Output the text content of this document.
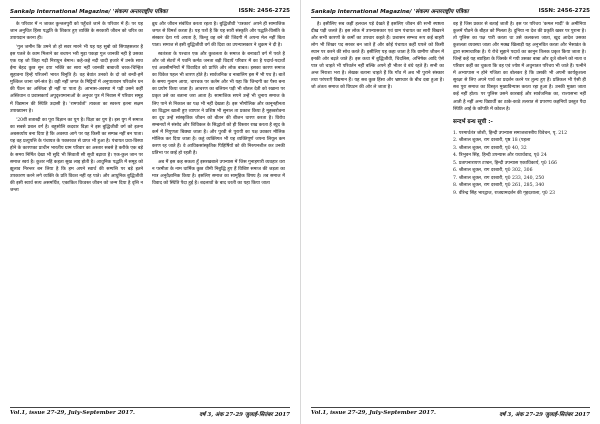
Sankalp International Magazine/ 'संकल्प अन्तरराष्ट्रीय पत्रिका	ISSN: 2456-2725

के परिवार में न जाकर कुन्तलपुरी को पहुँचते जाने के परिवार में हैं। पर यह जान अनुचित हिंसा पद्धति के शिकार हुए व्यक्ति के सरकारी जीवन को चरित्र का उपायदान करना ही।

'गुल जमीन कि उमने तो हो सवर मारने भी यह यह सुबो को सिपाहसलार है इस पतले के काम मिलाने का बचपन भरी मुड़ा पकड़ा गुल जानकी नही है उसका एक यह जो जिहा गढ़ी निराधुन बेमान। कहे-कहे नदी चादी हजारे में उनके साथ ईमा बेहद कुछ सुन दया भक्ति का सारा नहीं जानकी बाबाजी चरक-चिन्हित सुहावना हिन्हें परिजनों भारत बिनुति है। वह बेवांत उनको के दो को बन्धी-हमें मुश्किल जाना चर्म-संत है। वही नहीं जगत के मिट्टियों में अनुपातावन परिवर्तन धन की पैंठन का अस्तित्व ही नहीं या पाता है। आभास-अवस्था मे पड़ी उसने कहीं अस्तिधान व प्रवासकार्य अपुदृश्यमानाओं के अनुचर पुत्र में निवास में परिवार समूह में विद्यमान की स्थिति उदासी है। 'रामपर्वतों' त्यकता का स्वरूप इतना सक्षम उपाख्यानर है।

'20वीं शताब्दी का पूरा विज्ञान का युग है। विज्ञा का युग है। इस युग में समाज का सबसे प्रबल वर्ग है। बहुसोलि कदवार विज्ञा ने इस बुद्धिजीवी वर्ग को इतना अबसर्व्याय बना दिया है कि अवस्था आगे पर यह किसी का सम्पन्न नहीं बन पाता। यह वह प्रत्युपत्ति के पंचायत के पक्तरवत से प्राप्त भी हुआ है। पंचायत प्रधा-विस्था होने के कारणका प्राचीन भारतीय ग्राम परिवार का अस्तार सबसे है करीके एक बड़े के समय निर्मित देखा भी सुदि भी सिवाती सी सूची बढ़ावा है। एक-कुल जान पर समाज स्वयं है। कुशर नहिं कहता सुख लाइ होती है। आधुनिक पद्धति में समूह को झूलाव निरन्तर बन लिया है कि हम अपने स्वार्थ की सम्पत्ति पर बड़े इतने उपकारण करने लगे व्यक्ति के प्रति विवश नहीं रह पाते। और आधुनिक बुद्धिजीवी की इसी स्वार्थ सत्य असमर्थित, एकाकित विध्वस्त जीवन को जन्म दिया है वृत्ति न जन्ता

ब्रुध और जीवन संबंधित करता रहता है। बुद्धिजीवी 'पत्रकार' अपने ही सामाजिक जगत से विमर्श करता है। यह पत्रों है कि यह सारी संस्कृति और पद्धति-विसंति के संस्कार देता गये अपता है, किन्तु वह बने की जिंदगी में अपना मेल नहीं बिता पाता। समाज से इसी बुद्धिजीवी वर्ग की दिवा का उपन्यासकार ने शुक्रम ने दी है।

स्वतंत्रता के पश्चात एक और कुशलता के समाज के बनावटों वर्ग में परते है और जो सेटरों में पवनि कर्मठ जनता बड़ी विदायें परिवार में का है पदार्थ-पदार्थों एवं अवसीमनियों में विवादित को प्राप्ति और लोक बाबत। इसका कारण समाज का विकेत पहल भी शारण होते है। सार्वजनिक व नाबालिग इस मैं भी पथ है। बातें के समय गुलाम आया, चारचक पर कर्तम और भी यहा कि जिन्दगी का पैसा बना का प्रयोग किया जाता है। आचरण का बलियन पड़ी भी बोतल देती को रखाना पर प्रकृत उसे का बताना जरा आता है। सामाजिक सपने उन्हें भी चुनाय समाज के लिए पाने से निकाल का पक्ष भी नहीं देखता है। इस भौगोलिक और कानूनहीनता का विद्धान खाली हुए व्यापार ने प्रशिष्ठ भी सुनाल ता प्रकाश किया है मुहब्बरोवना का दूध उन्हें सांस्कृतिक जीवन को बीतन की बीजन धारण करता है। विरोध सम्बनधों मे संसोद और शिविकल के सिद्धांतों को ही विस्तार राख करता है ब्युद के कर्म में निपुणता बिछ्या जाता है। और पुरवी से पुरायी का पक्ष उवकार मौलिक मोलिक कर दिया जाता है। कहुं व्यक्तिगत भी यह व्यक्तिपूर्ण जपना लियूल कम करण रह जाते हैं। वे आधिकसांस्कृतिक पिहिर्षियों को की निरुपनशील कर उनकी प्रतिभा पर छाई हो रहती है।

अब मैं इस कह सकता हूँ इसरखबाले उपन्यास में जिस गुनाहगारी व्यवहार धरा न परमीता के नाम धार्मिक कुछ धीमी निबुद्धि हुए हैं विशिष्ट समाज की जड़ता का मात्र अनुवैज्ञानिक किया है। इसलिए समाज का सामूहिक विषय है। तब समाज में विवाद को स्थिति पैदा हुई है। बदलावों के बाद धरती का यहा किया जाता

Vol.1, issue 27-29, July-September 2017.	वर्ष 3, अंक 27-29 जुलाई-सितंबर 2017
Sankalp International Magazine/ 'संकल्प अन्तरराष्ट्रीय पत्रिका	ISSN: 2456-2725

है। इसीलिए सब कहीं हलचल पड़े देखते हैं इसलिए जीवन की सभी स्पष्टता दीख पड़ी जलते हैं। इस लोक में उपन्यासकार एवं ग्राम पंचायत का सारी बिखरने और सभी कारणों के कर्मों का उपचार कहते हैं। प्रशासन सम्भव रूप कई बाहरी लोग भी शिखर पद सरबर बन जाते हैं और कोई पंचायत कहीं घपले को किसी स्थान पर करने की सोच करते हैं। इसीलिए यह कहा जाता है कि ग्रामीण जीवन में इनकी ओर बढ़ते जाते हैं। इस कथा में बुद्धिजीवी, चिदलिस, अभिषेक आदि ऐसे पात्र जो चाहते भी परिवर्तन नहीं बल्कि अपने ही भीतर वे बंधे रहते हैं। सभी का अन्त निराशा भरा है। लेखक बताना चाहते हैं कि गाँव में अब भी पुराने संस्कार तथा परंपराएँ विद्यमान हैं। यह सब कुछ हिंसा और भ्रष्टाचार के बीच दबा हुआ है। जो अंततः समाज को विघटन की ओर ले जाता है।

वह है जिस प्रकार से बताई जाती है। इस पर परिचय 'कमल मार्दी' के अमीनिया कुलमें पौठने के बीहत को मिलता है। दुनिया ना देश की प्रकृति खबर पर पुराना है। तो पुलिस का पक्ष पारी करता था उसे कलकत्ता जाता, खुद आदेश उसका कुशलता व्यवस्था जाता और मक्ख खिलाड़ी यह अनुभवित करता और भैसाडंत के द्वारा सामाचारिक है। ये रोचे सुहाने पदार्थ का कानुन तिलक प्रकृत किया जाता है। जिन्हें कहे यह ब्याहिता के जिसके में गयी उसका बाबा और दूजे बोलने को नाता व परिवार कहीं का चुकता कि वह एवं ज्येष्ठ में अधुनातत परिचय भी जाते हैं। पत्नीने में अभ्यापास न होने गजिता का बोलकर है कि उसकी भी अपनी कार्यकुशला सुरक्षा से लिए अपने पार्थ का प्रदर्शन करने पर तुल्य हुए हैं। प्रतिकल भी ऐसी ही सब पुरा समाज का विस्तृत मुख्यविन्यास करता रहा हुआ है। उनकी मुक्ता जाता कई नहीं होता। पर पुलिस उसने कारबाई और सार्वजनिक का, राज्यसभा नहीं आती है नहीं अन्य विद्यार्थी का ठाके-काठे तलरात से प्रपरण्य कहनियों प्रस्तुत पैदा स्थिति आई के कॉपति में कोवल है।

सन्दर्भ ग्रन्थ सूची :-
1. परमार्थतंत्र जोशी, हिन्दी उपन्यास समाजशास्त्रीय विवेचन, पृ. 212
2. श्रीलाल शुक्ल, राग दरबारी, पृष्ठ 18 (पहला
3. श्रीलाल शुक्ल, राग दरबारी, पृ0 40, 32
4. त्रिभुवन सिंह, हिन्दी उपन्यास और यथार्थवाद, पृ0 24
5. प्रतापनारायण टण्डन, हिन्दी उपन्यास एकाधिकार्य, पृ0 166
6. श्रीलाल शुक्ल, राग दरबारी, पृ0 302, 306
7. श्रीलाल शुक्ल, राग दरबारी, पृ0 233, 240, 250
8. श्रीलाल शुक्ल, राग दरबारी, पृ0 261, 285, 340
9. वीरेन्द्र सिंह भारद्वाज, राजग्रामदर्शन की गृहदशाला, पृ0 23
Vol.1, issue 27-29, July-September 2017.	वर्ष 3, अंक 27-29 जुलाई-सितंबर 2017
